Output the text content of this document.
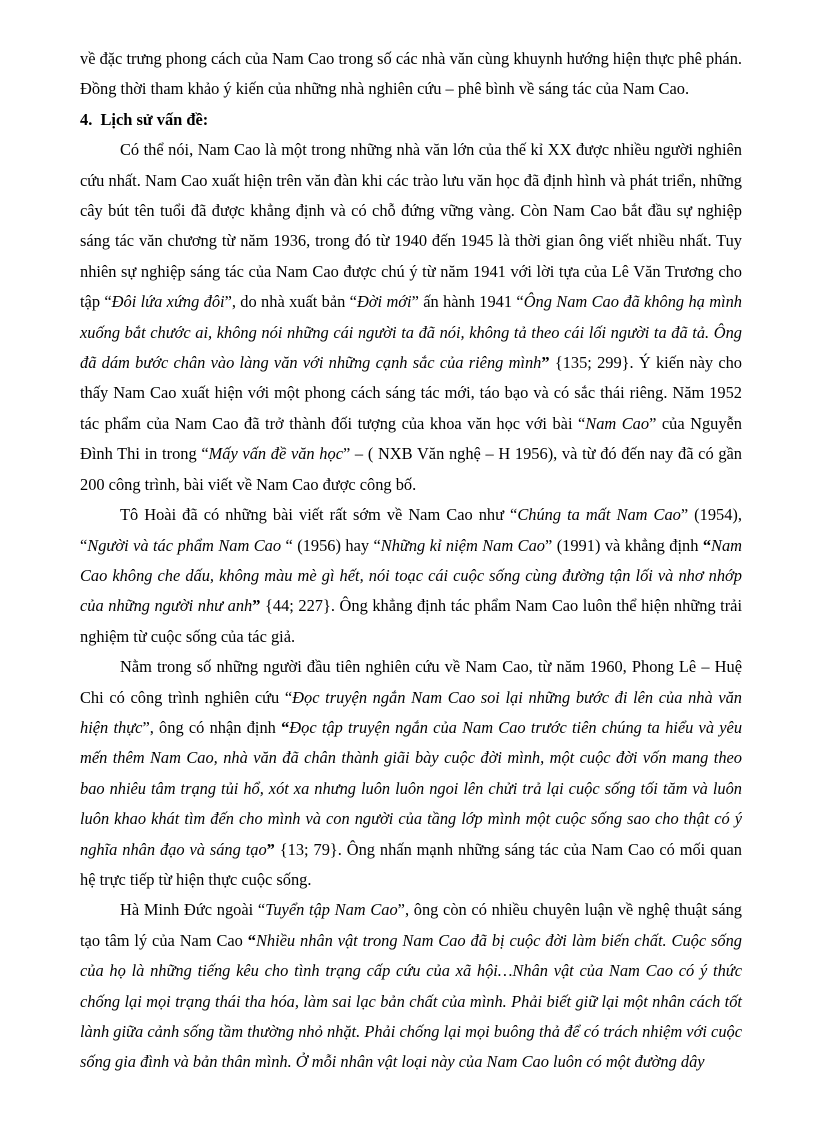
về đặc trưng phong cách của Nam Cao trong số các nhà văn cùng khuynh hướng hiện thực phê phán. Đồng thời tham khảo ý kiến của những nhà nghiên cứu – phê bình về sáng tác của Nam Cao.

4. Lịch sử vấn đề:

Có thể nói, Nam Cao là một trong những nhà văn lớn của thế kỉ XX được nhiều người nghiên cứu nhất. Nam Cao xuất hiện trên văn đàn khi các trào lưu văn học đã định hình và phát triển, những cây bút tên tuổi đã được khẳng định và có chỗ đứng vững vàng. Còn Nam Cao bắt đầu sự nghiệp sáng tác văn chương từ năm 1936, trong đó từ 1940 đến 1945 là thời gian ông viết nhiều nhất. Tuy nhiên sự nghiệp sáng tác của Nam Cao được chú ý từ năm 1941 với lời tựa của Lê Văn Trương cho tập “Đôi lứa xứng đôi”, do nhà xuất bản “Đời mới” ấn hành 1941 “Ông Nam Cao đã không hạ mình xuống bắt chước ai, không nói những cái người ta đã nói, không tả theo cái lối người ta đã tả. Ông đã dám bước chân vào làng văn với những cạnh sắc của riêng mình” {135; 299}. Ý kiến này cho thấy Nam Cao xuất hiện với một phong cách sáng tác mới, táo bạo và có sắc thái riêng. Năm 1952 tác phẩm của Nam Cao đã trở thành đối tượng của khoa văn học với bài “Nam Cao” của Nguyễn Đình Thi in trong “Mấy vấn đề văn học” – ( NXB Văn nghệ – H 1956), và từ đó đến nay đã có gần 200 công trình, bài viết về Nam Cao được công bố.

Tô Hoài đã có những bài viết rất sớm về Nam Cao như “Chúng ta mất Nam Cao” (1954), “Người và tác phẩm Nam Cao “ (1956) hay “Những kỉ niệm Nam Cao” (1991) và khẳng định “Nam Cao không che dấu, không màu mè gì hết, nói toạc cái cuộc sống cùng đường tận lối và nhơ nhớp của những người như anh” {44; 227}. Ông khẳng định tác phẩm Nam Cao luôn thể hiện những trải nghiệm từ cuộc sống của tác giả.

Nằm trong số những người đầu tiên nghiên cứu về Nam Cao, từ năm 1960, Phong Lê – Huệ Chi có công trình nghiên cứu “Đọc truyện ngắn Nam Cao soi lại những bước đi lên của nhà văn hiện thực”, ông có nhận định “Đọc tập truyện ngắn của Nam Cao trước tiên chúng ta hiểu và yêu mến thêm Nam Cao, nhà văn đã chân thành giãi bày cuộc đời mình, một cuộc đời vốn mang theo bao nhiêu tâm trạng tủi hổ, xót xa nhưng luôn luôn ngoi lên chửi trả lại cuộc sống tối tăm và luôn luôn khao khát tìm đến cho mình và con người của tầng lớp mình một cuộc sống sao cho thật có ý nghĩa nhân đạo và sáng tạo” {13; 79}. Ông nhấn mạnh những sáng tác của Nam Cao có mối quan hệ trực tiếp từ hiện thực cuộc sống.

Hà Minh Đức ngoài “Tuyển tập Nam Cao”, ông còn có nhiều chuyên luận về nghệ thuật sáng tạo tâm lý của Nam Cao “Nhiều nhân vật trong Nam Cao đã bị cuộc đời làm biến chất. Cuộc sống của họ là những tiếng kêu cho tình trạng cấp cứu của xã hội…Nhân vật của Nam Cao có ý thức chống lại mọi trạng thái tha hóa, làm sai lạc bản chất của mình. Phải biết giữ lại một nhân cách tốt lành giữa cảnh sống tầm thường nhỏ nhặt. Phải chống lại mọi buông thả để có trách nhiệm với cuộc sống gia đình và bản thân mình. Ở mỗi nhân vật loại này của Nam Cao luôn có một đường dây
